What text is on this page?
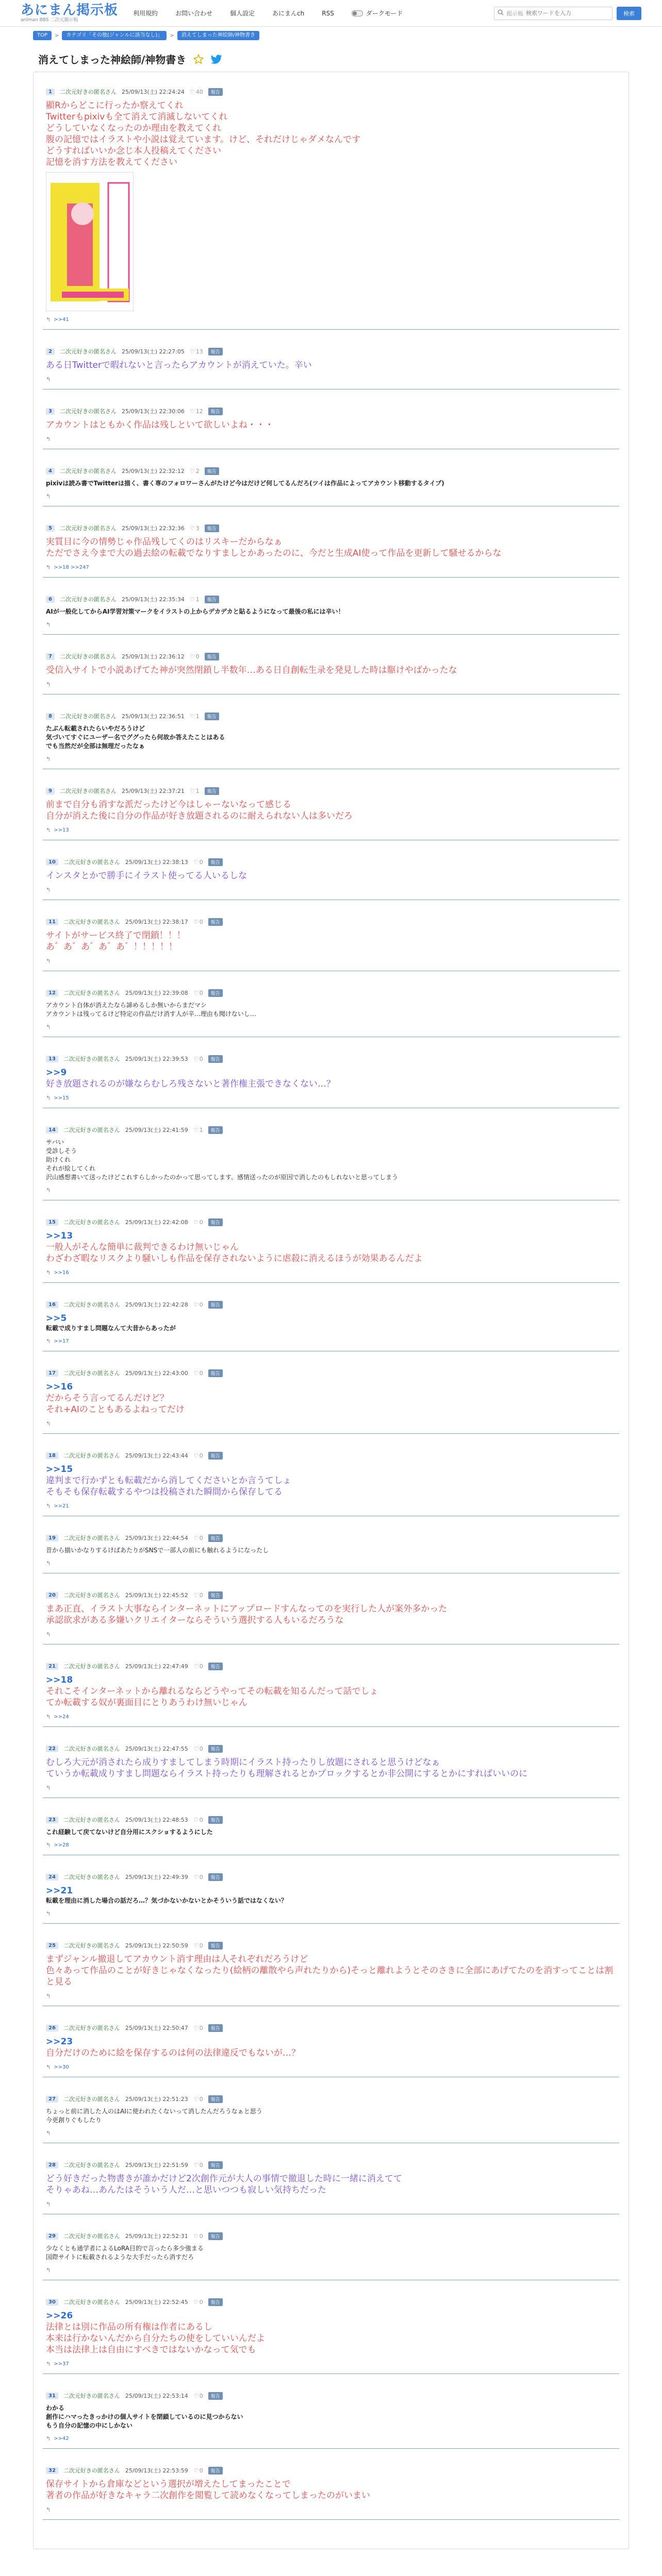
あにまん掲示板
animan BBS 二次元掲示板
利用規約	お問い合わせ	個人設定	あにまんch	RSS	ダークモード	掲示板
検索ワードを入力	検索
TOP	>	カテゴリ「その他(ジャンルに該当なし)」	>	消えてしまった神絵師/神物書き
消えてしまった神絵師/神物書き
1	二次元好きの匿名さん 25/09/13(土) 22:24:24 ♡ 40	報告
顯Rからどこに行ったか察えてくれ
Twitterもpixivも全て消えて消滅しないてくれ
どうしていなくなったのか理由を教えてくれ
腹の記憶ではイラストや小説は覚えています。けど、それだけじゃダメなんです
どうすればいいか念じ本人投稿えてください
記憶を消す方法を教えてください
↰ >>41
2	二次元好きの匿名さん 25/09/13(土) 22:27:05 ♡ 13	報告
ある日Twitterで暇れないと言ったらアカウントが消えていた。辛い
↰
3	二次元好きの匿名さん 25/09/13(土) 22:30:06 ♡ 12	報告
アカウントはともかく作品は残しといて欲しいよね・・・
↰
4	二次元好きの匿名さん 25/09/13(土) 22:32:12 ♡ 2	報告
pixivは読み書でTwitterは描く、書く専のフォロワーさんがたけど今はだけど何してるんだろ(ツイは作品によってアカウント移動するタイプ)
↰
5	二次元好きの匿名さん 25/09/13(土) 22:32:36 ♡ 3	報告
実質目に今の情勢じゃ作品残してくのはリスキーだからなぁ
ただでさえ今まで大の過去絵の転載でなりすましとかあったのに、今だと生成AI使って作品を更新して騒せるからな
↰ >>18 >>247
6	二次元好きの匿名さん 25/09/13(土) 22:35:34 ♡ 1	報告
AIが一般化してからAI学習対策マークをイラストの上からデカデカと貼るようになって最後の私には辛い！
↰
7	二次元好きの匿名さん 25/09/13(土) 22:36:12 ♡ 0	報告
受信入サイトで小説あげてた神が突然閉鎖し半数年…ある日自創転生录を発見した時は駆けやばかったな
↰
8	二次元好きの匿名さん 25/09/13(土) 22:36:51 ♡ 1	報告
たぶん転載されたらいやだろうけど
気づいてすぐにユーザー名でググったら何故か答えたことはある
でも当然だが全部は無理だったなぁ
↰
9	二次元好きの匿名さん 25/09/13(土) 22:37:21 ♡ 1	報告
前まで自分も消すな派だったけど今はしゃーないなって感じる
自分が消えた後に自分の作品が好き放題されるのに耐えられない人は多いだろ
↰ >>13
10	二次元好きの匿名さん 25/09/13(土) 22:38:13 ♡ 0	報告
インスタとかで勝手にイラスト使ってる人いるしな
↰
11	二次元好きの匿名さん 25/09/13(土) 22:38:17 ♡ 0	報告
サイトがサービス終了で閉鎖！！！
あ゛あ゛あ゛あ゛あ゛！！！！！
↰
12	二次元好きの匿名さん 25/09/13(土) 22:39:08 ♡ 0	報告
アカウント自体が消えたなら諦めるしか無いからまだマシ
アカウントは残ってるけど特定の作品だけ消す人が辛…理由も聞けないし…
↰
13	二次元好きの匿名さん 25/09/13(土) 22:39:53 ♡ 0	報告
>>9
好き放題されるのが嫌ならむしろ残さないと著作権主張できなくない…？
↰ >>15
14	二次元好きの匿名さん 25/09/13(土) 22:41:59 ♡ 1	報告
サバい
受診しそう
助けくれ
それが絵してくれ
沢山感想書いて送ったけどこれすらしかったのかって思ってします。感情送ったのが原因で消したのもしれないと思ってしまう
↰
15	二次元好きの匿名さん 25/09/13(土) 22:42:08 ♡ 0	報告
>>13
一般人がそんな簡単に裁判できるわけ無いじゃん
わざわざ暇なリスクより騒いしも作品を保存されないように虐殺に消えるほうが効果あるんだよ
↰ >>16
16	二次元好きの匿名さん 25/09/13(土) 22:42:28 ♡ 0	報告
>>5
転載で成りすまし問題なんて大昔からあったが
↰ >>17
17	二次元好きの匿名さん 25/09/13(土) 22:43:00 ♡ 0	報告
>>16
だからそう言ってるんだけど？
それ+AIのこともあるよねってだけ
↰
18	二次元好きの匿名さん 25/09/13(土) 22:43:44 ♡ 0	報告
>>15
違判まで行かずとも転載だから消してくださいとか言うてしょ
そもそも保存転載するやつは投稿された瞬間から保存してる
↰ >>21
19	二次元好きの匿名さん 25/09/13(土) 22:44:54 ♡ 0	報告
昔から描いかなりするけばあたりがSNSで一部人の前にも触れるようになったし
↰
20	二次元好きの匿名さん 25/09/13(土) 22:45:52 ♡ 0	報告
まあ正直、イラスト大事ならインターネットにアップロードすんなってのを実行した人が案外多かった
承認欲求がある多嫌いクリエイターならそういう選択する人もいるだろうな
↰
21	二次元好きの匿名さん 25/09/13(土) 22:47:49 ♡ 0	報告
>>18
それこそインターネットから離れるならどうやってその転載を知るんだって話でしょ
てか転載する奴が裏面目にとりあうわけ無いじゃん
↰ >>24
22	二次元好きの匿名さん 25/09/13(土) 22:47:55 ♡ 0	報告
むしろ大元が消されたら成りすましてしまう時期にイラスト持ったりし放題にされると思うけどなぁ
ていうか転載成りすまし問題ならイラスト持ったりも理解されるとかプロックするとか非公開にするとかにすればいいのに
↰
23	二次元好きの匿名さん 25/09/13(土) 22:48:53 ♡ 0	報告
これ経験して戻てないけど自分用にスクショするようにした
↰ >>28
24	二次元好きの匿名さん 25/09/13(土) 22:49:39 ♡ 0	報告
>>21
転載を理由に消した場合の話だろ…？気づかないかないとかそういう話ではなくない？
↰
25	二次元好きの匿名さん 25/09/13(土) 22:50:59 ♡ 0	報告
まずジャンル撤退してアカウント消す理由は人それぞれだろうけど
色々あって作品のことが好きじゃなくなったり(絵柄の離散やら声れたりから)そっと離れようとそのさきに全部にあげてたのを消すってことは割と見る
↰
26	二次元好きの匿名さん 25/09/13(土) 22:50:47 ♡ 0	報告
>>23
自分だけのために絵を保存するのは何の法律違反でもないが…？
↰ >>30
27	二次元好きの匿名さん 25/09/13(土) 22:51:23 ♡ 0	報告
ちょっと前に消した人のはAIに使われたくないって消したんだろうなぁと思う
今更創りぐもしたり
↰
28	二次元好きの匿名さん 25/09/13(土) 22:51:59 ♡ 0	報告
どう好きだった物書きが誰かだけど2次創作元が大人の事情で撤退した時に一緒に消えてて
そりゃあね…あんたはそういう人だ…と思いつつも寂しい気持ちだった
↰
29	二次元好きの匿名さん 25/09/13(土) 22:52:31 ♡ 0	報告
少なくとも通学者によるLoRA目的で言ったら多少強まる
国際サイトに転載されるような大手だったら消すだろ
↰
30	二次元好きの匿名さん 25/09/13(土) 22:52:45 ♡ 0	報告
>>26
法律とは別に作品の所有権は作者にあるし
本来は行かないんだから自分たちの使をしていいんだよ
本当は法律上は自由にすべきではないかなって気でも
↰ >>37
31	二次元好きの匿名さん 25/09/13(土) 22:53:14 ♡ 0	報告
わかる
創作にハマったきっかけの個人サイトを閉鎖しているのに見つからない
もう自分の記憶の中にしかない
↰ >>42
32	二次元好きの匿名さん 25/09/13(土) 22:53:59 ♡ 0	報告
保存サイトから倉庫などという選択が増えたしてまったことで
著者の作品が好きなキャラ二次創作を閲覧して読めなくなってしまったのがいまい
↰
